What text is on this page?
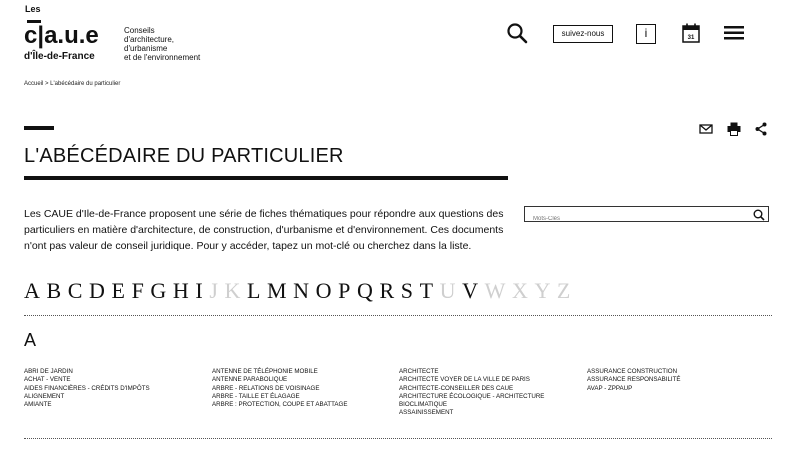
Les
c|a.u.e
d'Île-de-France
Conseils
d'architecture,
d'urbanisme
et de l'environnement
suivez-nous	i	31
Accueil > L'abécédaire du particulier
L'ABÉCÉDAIRE DU PARTICULIER

Les CAUE d'Ile-de-France proposent une série de fiches thématiques pour répondre aux questions des particuliers en matière d'architecture, de construction, d'urbanisme et d'environnement. Ces documents n'ont pas valeur de conseil juridique. Pour y accéder, tapez un mot-clé ou cherchez dans la liste.

Mots-Clés
A B C D E F G H I J K L M N O P Q R S T U V W X Y Z
A
ABRI DE JARDIN
ACHAT - VENTE
AIDES FINANCIÈRES - CRÉDITS D'IMPÔTS
ALIGNEMENT
AMIANTE
ANTENNE DE TÉLÉPHONIE MOBILE
ANTENNE PARABOLIQUE
ARBRE - RELATIONS DE VOISINAGE
ARBRE - TAILLE ET ÉLAGAGE
ARBRE : PROTECTION, COUPE ET ABATTAGE
ARCHITECTE
ARCHITECTE VOYER DE LA VILLE DE PARIS
ARCHITECTE-CONSEILLER DES CAUE
ARCHITECTURE ÉCOLOGIQUE - ARCHITECTURE BIOCLIMATIQUE
ASSAINISSEMENT
ASSURANCE CONSTRUCTION
ASSURANCE RESPONSABILITÉ
AVAP - ZPPAUP
